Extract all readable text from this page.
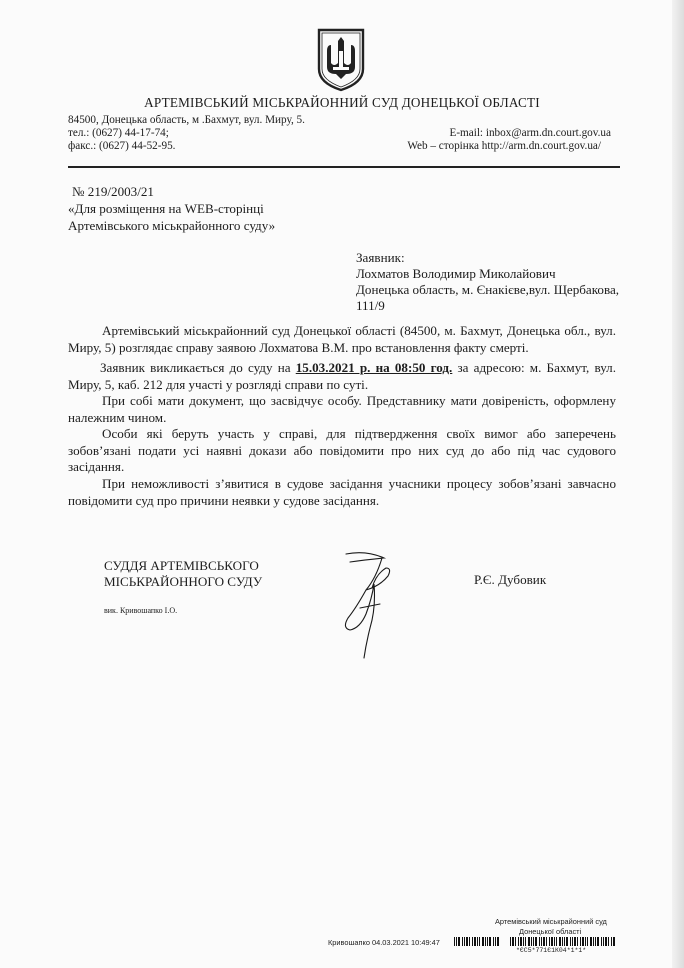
АРТЕМІВСЬКИЙ МІСЬКРАЙОННИЙ СУД ДОНЕЦЬКОЇ ОБЛАСТІ
84500, Донецька область, м .Бахмут, вул. Миру, 5.
тел.: (0627) 44-17-74;
факс.: (0627) 44-52-95.
E-mail: inbox@arm.dn.court.gov.ua
Web – сторінка http://arm.dn.court.gov.ua/
№ 219/2003/21
«Для розміщення на WEB-сторінці
Артемівського міськрайонного суду»
Заявник:
Лохматов Володимир Миколайович
Донецька область, м. Єнакієве,вул. Щербакова,
111/9
Артемівський міськрайонний суд Донецької області (84500, м. Бахмут, Донецька обл., вул. Миру, 5) розглядає справу заявою Лохматова В.М. про встановлення факту смерті.
Заявник викликається до суду на 15.03.2021 р. на 08:50 год. за адресою: м. Бахмут, вул. Миру, 5, каб. 212 для участі у розгляді справи по суті.
При собі мати документ, що засвідчує особу. Представнику мати довіреність, оформлену належним чином.
Особи які беруть участь у справі, для підтвердження своїх вимог або заперечень зобов’язані подати усі наявні докази або повідомити про них суд до або під час судового засідання.
При неможливості з’явитися в судове засідання учасники процесу зобов’язані завчасно повідомити суд про причини неявки у судове засідання.
СУДДЯ АРТЕМІВСЬКОГО
МІСЬКРАЙОННОГО СУДУ	Р.Є. Дубовик
вик. Кривошапко І.О.
Артемівський міськрайонний суд
Донецької області
Кривошапко 04.03.2021 10:49:47
*ЄС5*771Є1К04*1*1*
